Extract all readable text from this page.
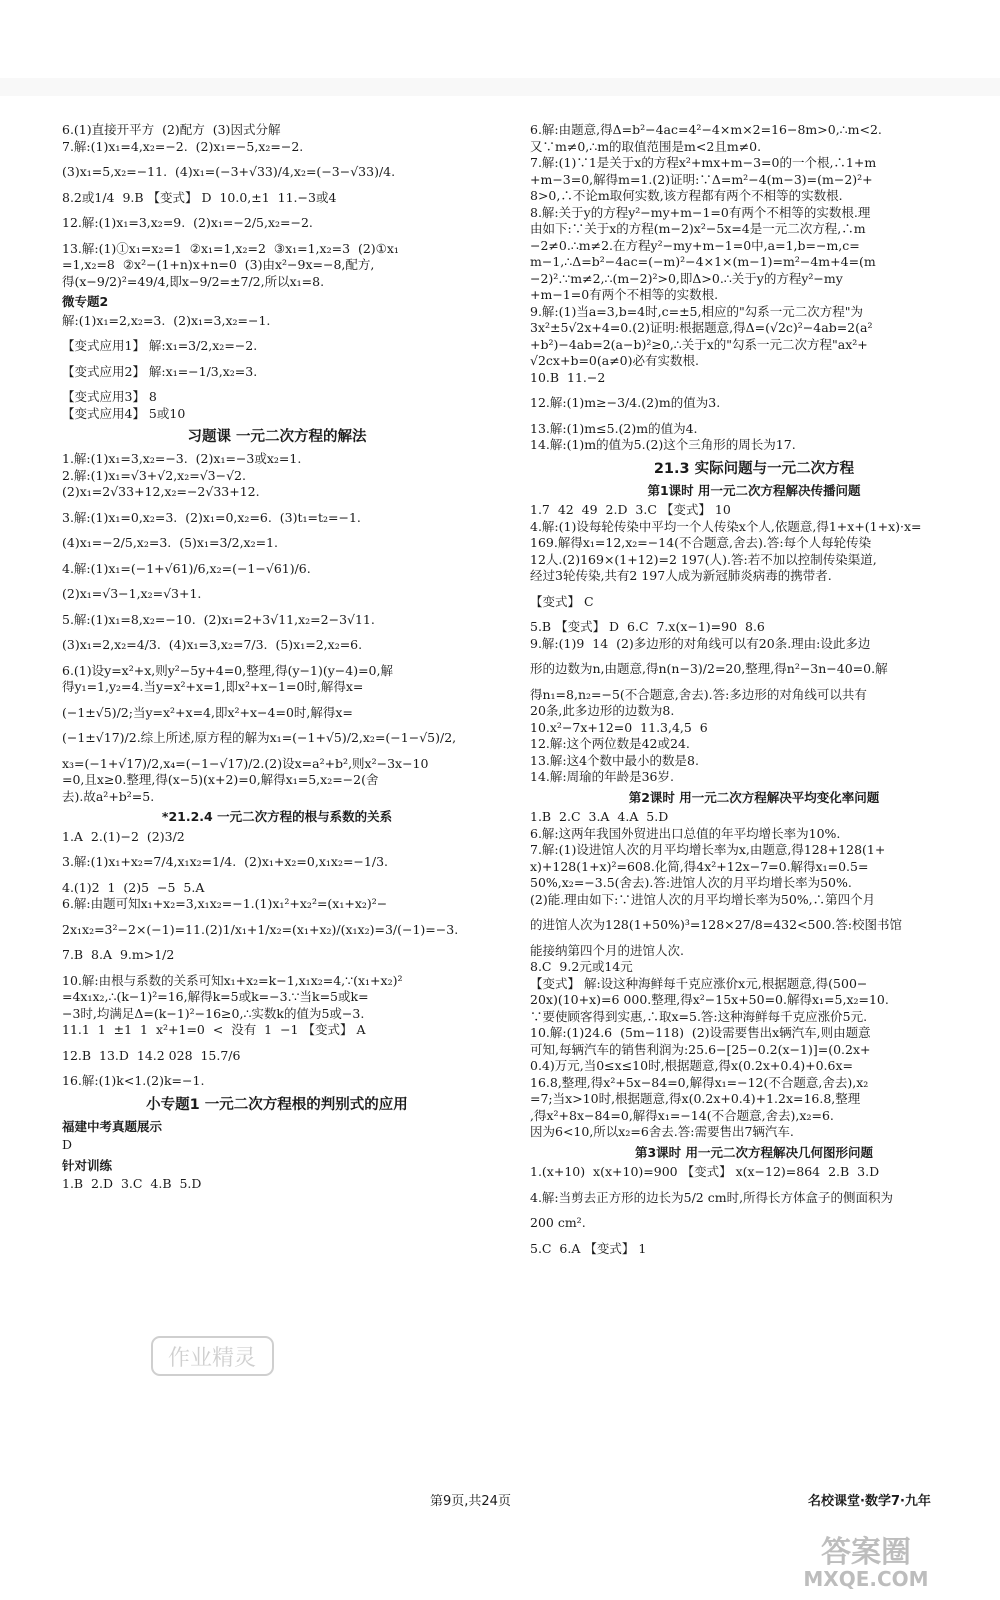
6.(1)直接开平方  (2)配方  (3)因式分解
7.解:(1)x₁=4,x₂=−2.  (2)x₁=−5,x₂=−2.
(3)x₁=5,x₂=−11.  (4)x₁=(−3+√33)/4,x₂=(−3−√33)/4.
8.2或1/4  9.B 【变式】 D  10.0,±1  11.−3或4
12.解:(1)x₁=3,x₂=9.  (2)x₁=−2/5,x₂=−2.
13.解:(1)①x₁=x₂=1  ②x₁=1,x₂=2  ③x₁=1,x₂=3  (2)①x₁
=1,x₂=8  ②x²−(1+n)x+n=0  (3)由x²−9x=−8,配方,
得(x−9/2)²=49/4,即x−9/2=±7/2,所以x₁=8.
微专题2
解:(1)x₁=2,x₂=3.  (2)x₁=3,x₂=−1.
【变式应用1】 解:x₁=3/2,x₂=−2.
【变式应用2】 解:x₁=−1/3,x₂=3.
【变式应用3】 8
【变式应用4】 5或10
习题课 一元二次方程的解法
1.解:(1)x₁=3,x₂=−3.  (2)x₁=−3或x₂=1.
2.解:(1)x₁=√3+√2,x₂=√3−√2.
(2)x₁=2√33+12,x₂=−2√33+12.
3.解:(1)x₁=0,x₂=3.  (2)x₁=0,x₂=6.  (3)t₁=t₂=−1.
(4)x₁=−2/5,x₂=3.  (5)x₁=3/2,x₂=1.
4.解:(1)x₁=(−1+√61)/6,x₂=(−1−√61)/6.
(2)x₁=√3−1,x₂=√3+1.
5.解:(1)x₁=8,x₂=−10.  (2)x₁=2+3√11,x₂=2−3√11.
(3)x₁=2,x₂=4/3.  (4)x₁=3,x₂=7/3.  (5)x₁=2,x₂=6.
6.(1)设y=x²+x,则y²−5y+4=0,整理,得(y−1)(y−4)=0,解
得y₁=1,y₂=4.当y=x²+x=1,即x²+x−1=0时,解得x=
(−1±√5)/2;当y=x²+x=4,即x²+x−4=0时,解得x=
(−1±√17)/2.综上所述,原方程的解为x₁=(−1+√5)/2,x₂=(−1−√5)/2,
x₃=(−1+√17)/2,x₄=(−1−√17)/2.(2)设x=a²+b²,则x²−3x−10
=0,且x≥0.整理,得(x−5)(x+2)=0,解得x₁=5,x₂=−2(舍
去).故a²+b²=5.
*21.2.4 一元二次方程的根与系数的关系
1.A  2.(1)−2  (2)3/2
3.解:(1)x₁+x₂=7/4,x₁x₂=1/4.  (2)x₁+x₂=0,x₁x₂=−1/3.
4.(1)2  1  (2)5  −5  5.A
6.解:由题可知x₁+x₂=3,x₁x₂=−1.(1)x₁²+x₂²=(x₁+x₂)²−
2x₁x₂=3²−2×(−1)=11.(2)1/x₁+1/x₂=(x₁+x₂)/(x₁x₂)=3/(−1)=−3.
7.B  8.A  9.m>1/2
10.解:由根与系数的关系可知x₁+x₂=k−1,x₁x₂=4,∵(x₁+x₂)²
=4x₁x₂,∴(k−1)²=16,解得k=5或k=−3.∵当k=5或k=
−3时,均满足Δ=(k−1)²−16≥0,∴实数k的值为5或−3.
11.1  1  ±1  1  x²+1=0  <  没有  1  −1 【变式】 A
12.B  13.D  14.2 028  15.7/6
16.解:(1)k<1.(2)k=−1.
小专题1 一元二次方程根的判别式的应用
福建中考真题展示
D
针对训练
1.B  2.D  3.C  4.B  5.D
6.解:由题意,得Δ=b²−4ac=4²−4×m×2=16−8m>0,∴m<2.
又∵m≠0,∴m的取值范围是m<2且m≠0.
7.解:(1)∵1是关于x的方程x²+mx+m−3=0的一个根,∴1+m
+m−3=0,解得m=1.(2)证明:∵Δ=m²−4(m−3)=(m−2)²+
8>0,∴不论m取何实数,该方程都有两个不相等的实数根.
8.解:关于y的方程y²−my+m−1=0有两个不相等的实数根.理
由如下:∵关于x的方程(m−2)x²−5x=4是一元二次方程,∴m
−2≠0.∴m≠2.在方程y²−my+m−1=0中,a=1,b=−m,c=
m−1,∴Δ=b²−4ac=(−m)²−4×1×(m−1)=m²−4m+4=(m
−2)².∵m≠2,∴(m−2)²>0,即Δ>0.∴关于y的方程y²−my
+m−1=0有两个不相等的实数根.
9.解:(1)当a=3,b=4时,c=±5,相应的"勾系一元二次方程"为
3x²±5√2x+4=0.(2)证明:根据题意,得Δ=(√2c)²−4ab=2(a²
+b²)−4ab=2(a−b)²≥0,∴关于x的"勾系一元二次方程"ax²+
√2cx+b=0(a≠0)必有实数根.
10.B  11.−2
12.解:(1)m≥−3/4.(2)m的值为3.
13.解:(1)m≤5.(2)m的值为4.
14.解:(1)m的值为5.(2)这个三角形的周长为17.
21.3 实际问题与一元二次方程
第1课时 用一元二次方程解决传播问题
1.7  42  49  2.D  3.C 【变式】 10
4.解:(1)设每轮传染中平均一个人传染x个人,依题意,得1+x+(1+x)·x=
169.解得x₁=12,x₂=−14(不合题意,舍去).答:每个人每轮传染
12人.(2)169×(1+12)=2 197(人).答:若不加以控制传染渠道,
经过3轮传染,共有2 197人成为新冠肺炎病毒的携带者.
【变式】 C
5.B 【变式】 D  6.C  7.x(x−1)=90  8.6
9.解:(1)9  14  (2)多边形的对角线可以有20条.理由:设此多边
形的边数为n,由题意,得n(n−3)/2=20,整理,得n²−3n−40=0.解
得n₁=8,n₂=−5(不合题意,舍去).答:多边形的对角线可以共有
20条,此多边形的边数为8.
10.x²−7x+12=0  11.3,4,5  6
12.解:这个两位数是42或24.
13.解:这4个数中最小的数是8.
14.解:周瑜的年龄是36岁.
第2课时 用一元二次方程解决平均变化率问题
1.B  2.C  3.A  4.A  5.D
6.解:这两年我国外贸进出口总值的年平均增长率为10%.
7.解:(1)设进馆人次的月平均增长率为x,由题意,得128+128(1+
x)+128(1+x)²=608.化简,得4x²+12x−7=0.解得x₁=0.5=
50%,x₂=−3.5(舍去).答:进馆人次的月平均增长率为50%.
(2)能.理由如下:∵进馆人次的月平均增长率为50%,∴第四个月
的进馆人次为128(1+50%)³=128×27/8=432<500.答:校图书馆
能接纳第四个月的进馆人次.
8.C  9.2元或14元
【变式】 解:设这种海鲜每千克应涨价x元,根据题意,得(500−
20x)(10+x)=6 000.整理,得x²−15x+50=0.解得x₁=5,x₂=10.
∵要使顾客得到实惠,∴取x=5.答:这种海鲜每千克应涨价5元.
10.解:(1)24.6  (5m−118)  (2)设需要售出x辆汽车,则由题意
可知,每辆汽车的销售利润为:25.6−[25−0.2(x−1)]=(0.2x+
0.4)万元,当0≤x≤10时,根据题意,得x(0.2x+0.4)+0.6x=
16.8,整理,得x²+5x−84=0,解得x₁=−12(不合题意,舍去),x₂
=7;当x>10时,根据题意,得x(0.2x+0.4)+1.2x=16.8,整理
,得x²+8x−84=0,解得x₁=−14(不合题意,舍去),x₂=6.
因为6<10,所以x₂=6舍去.答:需要售出7辆汽车.
第3课时 用一元二次方程解决几何图形问题
1.(x+10)  x(x+10)=900 【变式】 x(x−12)=864  2.B  3.D
4.解:当剪去正方形的边长为5/2 cm时,所得长方体盒子的侧面积为
200 cm².
5.C  6.A 【变式】 1
作业精灵
第9页,共24页	名校课堂·数学7·九年
答案圈
MXQE.COM
